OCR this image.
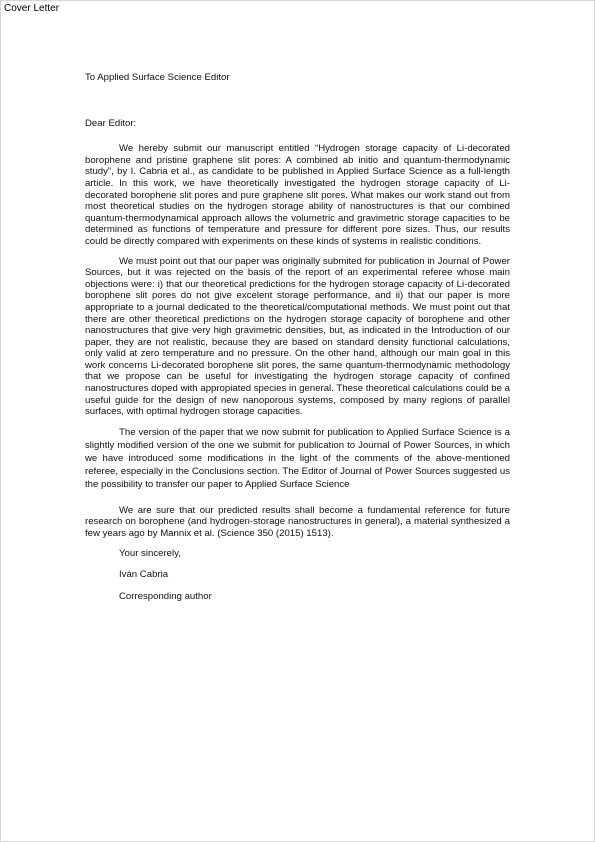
Cover Letter

To Applied Surface Science Editor

Dear Editor:

We hereby submit our manuscript entitled “Hydrogen storage capacity of Li-decorated borophene and pristine graphene slit pores: A combined ab initio and quantum-thermodynamic study”, by I. Cabria et al., as candidate to be published in Applied Surface Science as a full-length article. In this work, we have theoretically investigated the hydrogen storage capacity of Li-decorated borophene slit pores and pure graphene slit pores. What makes our work stand out from most theoretical studies on the hydrogen storage ability of nanostructures is that our combined quantum-thermodynamical approach allows the volumetric and gravimetric storage capacities to be determined as functions of temperature and pressure for different pore sizes. Thus, our results could be directly compared with experiments on these kinds of systems in realistic conditions.

We must point out that our paper was originally submited for publication in Journal of Power Sources, but it was rejected on the basis of the report of an experimental referee whose main objections were: i) that our theoretical predictions for the hydrogen storage capacity of Li-decorated borophene slit pores do not give excelent storage performance, and ii) that our paper is more appropriate to a journal dedicated to the theoretical/computational methods. We must point out that there are other theoretical predictions on the hydrogen storage capacity of borophene and other nanostructures that give very high gravimetric densities, but, as indicated in the Introduction of our paper, they are not realistic, because they are based on standard density functional calculations, only valid at zero temperature and no pressure. On the other hand, although our main goal in this work concerns Li-decorated borophene slit pores, the same quantum-thermodynamic methodology that we propose can be useful for investigating the hydrogen storage capacity of confined nanostructures doped with appropiated species in general. These theoretical calculations could be a useful guide for the design of new nanoporous systems, composed by many regions of parallel surfaces, with optimal hydrogen storage capacities.

The version of the paper that we now submit for publication to Applied Surface Science is a slightly modified version of the one we submit for publication to Journal of Power Sources, in which we have introduced some modifications in the light of the comments of the above-mentioned referee, especially in the Conclusions section. The Editor of Journal of Power Sources suggested us the possibility to transfer our paper to Applied Surface Science

We are sure that our predicted results shall become a fundamental reference for future research on borophene (and hydrogen-storage nanostructures in general), a material synthesized a few years ago by Mannix et al. (Science 350 (2015) 1513).

Your sincerely,

Iván Cabria

Corresponding author
